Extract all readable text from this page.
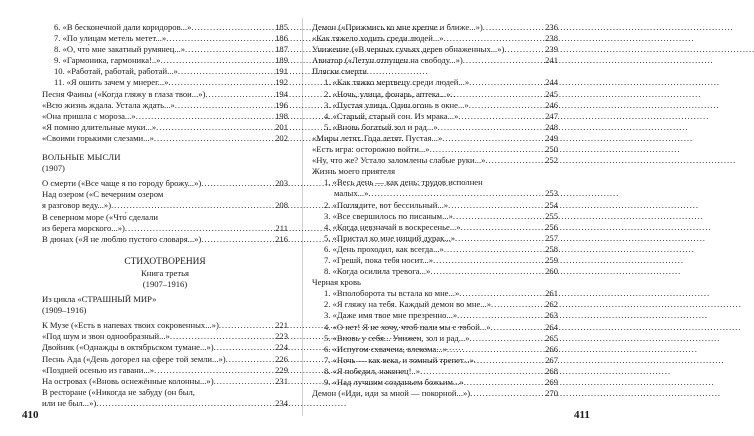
6. «В бесконечной дали коридоров...» . . .	185
7. «По улицам метель метет...» . . .	186
8. «О, что́ мне закатный румянец...» . . .	187
9. «Гармоника, гармоника!..» . . .	189
10. «Работай, работай, работай...» . . .	191
11. «Я ошить зачем у мнерег...» . . .	192
Песня Фаины («Когда гляжу в глаза твои...») . . .	194
«Всю жизнь ждала. Устала ждать...» . . .	196
«Она пришла с мороза...» . . .	198
«Я помню длительные муки...» . . .	201
«Своими горькими слезами...» . . .	202
ВОЛЬНЫЕ МЫСЛИ
(1907)
О смерти («Все чаще я по городу брожу...») . . .	203
Над озером («С вечерним озером
я разговор веду...») . . .	208
В северном море («Что́ сделали
из берега морского...») . . .	211
В дюнах («Я не люблю пустого словаря...») . . .	216
СТИХОТВОРЕНИЯ
Книга третья
(1907–1916)
Из цикла «СТРАШНЫЙ МИР»
(1909–1916)
К Музе («Есть в напевах твоих сокровенных...») . . .	221
«Под шум и звон однообразный...» . . .	223
Двойник («Однажды в октябрьском тумане...») . . .	224
Песнь Ада («День догорел на сфере той земли...») . . .	226
«Поздней осенью из гавани...» . . .	229
На островах («Вновь оснежённые колонны...») . . .	231
В ресторане («Никогда не забуду (он был,
или не был...») . . .	234
Демон («Прижмись ко мне крепче и ближе...») . . .	236
«Как тяжело ходить среди людей...» . . .	238
Унижение («В черных сучьях дерев обнаженных...») . . .	239
Авиатор («Летун отпущен на свободу...») . . .	241
Пляски смерти
1. «Как тяжко мертвецу среди людей...» . . .	244
2. «Ночь, улица, фонарь, аптека...» . . .	245
3. «Пустая улица. Один огонь в окне...» . . .	246
4. «Старый, старый сон. Из мрака...» . . .	247
5. «Вновь богатый зол и рад...» . . .	248
«Миры летят. Года летят. Пустая...» . . .	249
«Есть игра: осторожно войти...» . . .	250
«Ну, что же? Устало заломлены слабые руки...» . . .	252
Жизнь моего приятеля
1. «Весь день — как день: трудов исполнен
малых...» . . .	253
2. «Поглядите, вот бессильный...» . . .	254
3. «Все свершилось по писаным...» . . .	255
4. «Когда невзначай в воскресенье...» . . .	256
5. «Пристал ко мне нищий дурак...» . . .	257
6. «День проходил, как всегда...» . . .	258
7. «Грешй, пока тебя носит...» . . .	259
8. «Когда осилила тревога...» . . .	260
Черная кровь
1. «Вполоборота ты встала ко мне...» . . .	261
2. «Я гляжу на тебя. Каждый демон во мне...» . . .	262
3. «Даже имя твое мне презренно...» . . .	263
4. «О нет! Я не хочу, чтоб пали мы с тобой...» . . .	264
5. «Вновь у себя... Унижен, зол и рад...» . . .	265
6. «Испугом схвачена, влекома...» . . .	266
7. «Ночь — как века, и томный трепет...» . . .	267
8. «Я победил, наконец!..» . . .	268
9. «Над лучшим созданьем божьим...» . . .	269
Демон («Иди, иди за мной — покорной...») . . .	270
410	411
